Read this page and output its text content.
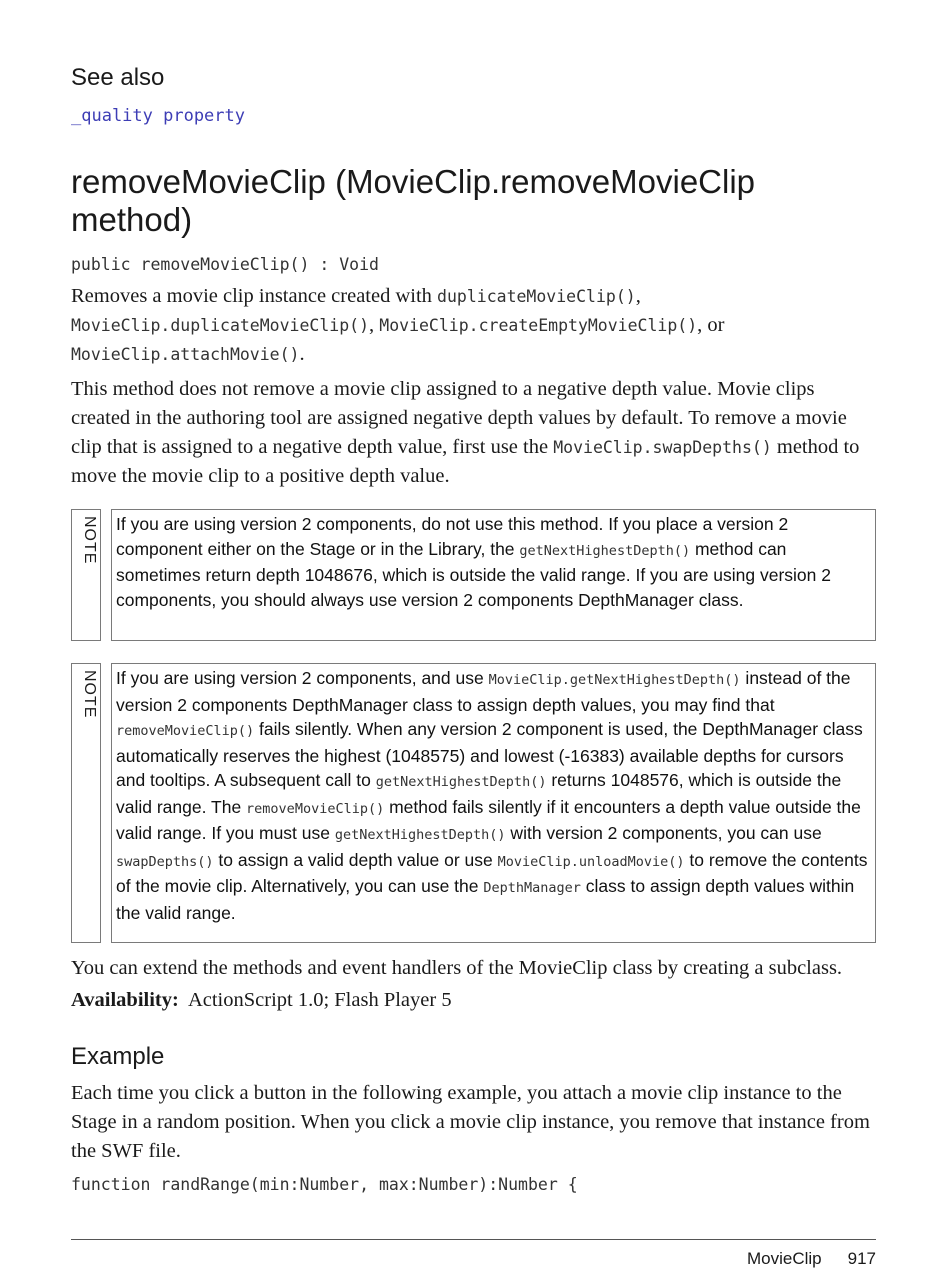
See also
_quality property
removeMovieClip (MovieClip.removeMovieClip method)
public removeMovieClip() : Void

Removes a movie clip instance created with duplicateMovieClip(), MovieClip.duplicateMovieClip(), MovieClip.createEmptyMovieClip(), or MovieClip.attachMovie().

This method does not remove a movie clip assigned to a negative depth value. Movie clips created in the authoring tool are assigned negative depth values by default. To remove a movie clip that is assigned to a negative depth value, first use the MovieClip.swapDepths() method to move the movie clip to a positive depth value.

NOTE If you are using version 2 components, do not use this method. If you place a version 2 component either on the Stage or in the Library, the getNextHighestDepth() method can sometimes return depth 1048676, which is outside the valid range. If you are using version 2 components, you should always use version 2 components DepthManager class.
NOTE If you are using version 2 components, and use MovieClip.getNextHighestDepth() instead of the version 2 components DepthManager class to assign depth values, you may find that removeMovieClip() fails silently. When any version 2 component is used, the DepthManager class automatically reserves the highest (1048575) and lowest (-16383) available depths for cursors and tooltips. A subsequent call to getNextHighestDepth() returns 1048576, which is outside the valid range. The removeMovieClip() method fails silently if it encounters a depth value outside the valid range. If you must use getNextHighestDepth() with version 2 components, you can use swapDepths() to assign a valid depth value or use MovieClip.unloadMovie() to remove the contents of the movie clip. Alternatively, you can use the DepthManager class to assign depth values within the valid range.

You can extend the methods and event handlers of the MovieClip class by creating a subclass.

Availability: ActionScript 1.0; Flash Player 5
Example

Each time you click a button in the following example, you attach a movie clip instance to the Stage in a random position. When you click a movie clip instance, you remove that instance from the SWF file.

function randRange(min:Number, max:Number):Number {
MovieClip 917
